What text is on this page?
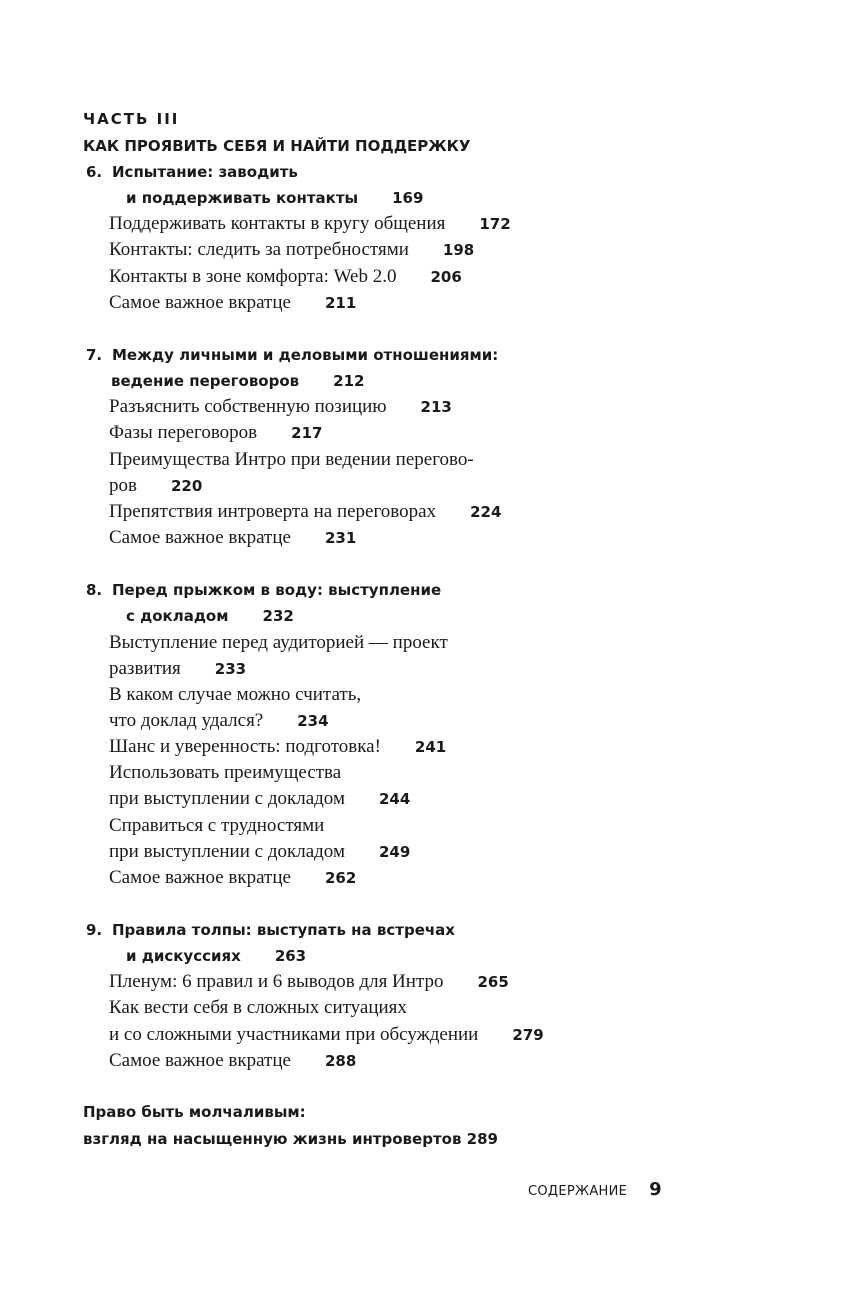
ЧАСТЬ III
КАК ПРОЯВИТЬ СЕБЯ И НАЙТИ ПОДДЕРЖКУ
6. Испытание: заводить
и поддерживать контакты 169
Поддерживать контакты в кругу общения 172
Контакты: следить за потребностями 198
Контакты в зоне комфорта: Web 2.0 206
Самое важное вкратце 211
7. Между личными и деловыми отношениями:
ведение переговоров 212
Разъяснить собственную позицию 213
Фазы переговоров 217
Преимущества Интро при ведении перегово-
ров 220
Препятствия интроверта на переговорах 224
Самое важное вкратце 231
8. Перед прыжком в воду: выступление
с докладом 232
Выступление перед аудиторией — проект
развития 233
В каком случае можно считать,
что доклад удался? 234
Шанс и уверенность: подготовка! 241
Использовать преимущества
при выступлении с докладом 244
Справиться с трудностями
при выступлении с докладом 249
Самое важное вкратце 262
9. Правила толпы: выступать на встречах
и дискуссиях 263
Пленум: 6 правил и 6 выводов для Интро 265
Как вести себя в сложных ситуациях
и со сложными участниками при обсуждении 279
Самое важное вкратце 288
Право быть молчаливым:
взгляд на насыщенную жизнь интровертов 289
СОДЕРЖАНИЕ 9
